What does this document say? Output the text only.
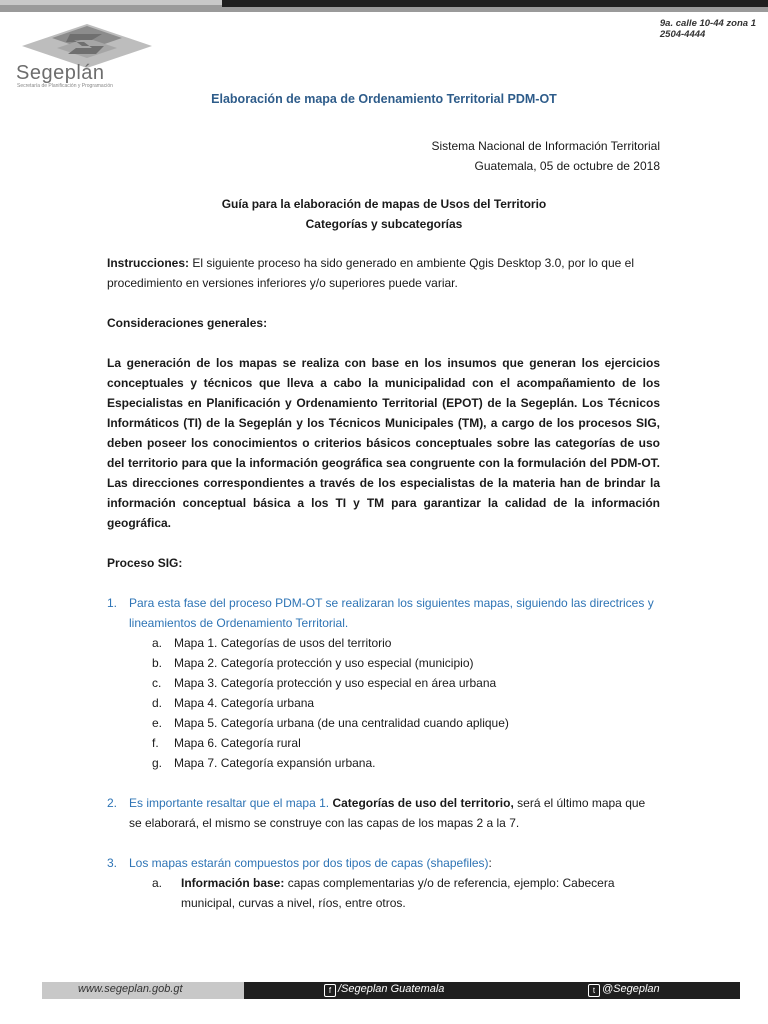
Segeplán
Secretaría de Planificación y Programación
9a. calle 10-44 zona 1
2504-4444
Elaboración de mapa de Ordenamiento Territorial PDM-OT
Sistema Nacional de Información Territorial
Guatemala, 05 de octubre de 2018
Guía para la elaboración de mapas de Usos del Territorio
Categorías y subcategorías
Instrucciones: El siguiente proceso ha sido generado en ambiente Qgis Desktop 3.0, por lo que el procedimiento en versiones inferiores y/o superiores puede variar.
Consideraciones generales:
La generación de los mapas se realiza con base en los insumos que generan los ejercicios conceptuales y técnicos que lleva a cabo la municipalidad con el acompañamiento de los Especialistas en Planificación y Ordenamiento Territorial (EPOT) de la Segeplán. Los Técnicos Informáticos (TI) de la Segeplán y los Técnicos Municipales (TM), a cargo de los procesos SIG, deben poseer los conocimientos o criterios básicos conceptuales sobre las categorías de uso del territorio para que la información geográfica sea congruente con la formulación del PDM-OT. Las direcciones correspondientes a través de los especialistas de la materia han de brindar la información conceptual básica a los TI y TM para garantizar la calidad de la información geográfica.
Proceso SIG:
1. Para esta fase del proceso PDM-OT se realizaran los siguientes mapas, siguiendo las directrices y lineamientos de Ordenamiento Territorial.
a. Mapa 1. Categorías de usos del territorio
b. Mapa 2. Categoría protección y uso especial (municipio)
c. Mapa 3. Categoría protección y uso especial en área urbana
d. Mapa 4. Categoría urbana
e. Mapa 5. Categoría urbana (de una centralidad cuando aplique)
f. Mapa 6. Categoría rural
g. Mapa 7. Categoría expansión urbana.
2. Es importante resaltar que el mapa 1. Categorías de uso del territorio, será el último mapa que se elaborará, el mismo se construye con las capas de los mapas 2 a la 7.
3. Los mapas estarán compuestos por dos tipos de capas (shapefiles):
a. Información base: capas complementarias y/o de referencia, ejemplo: Cabecera municipal, curvas a nivel, ríos, entre otros.
www.segeplan.gob.gt	f /Segeplan Guatemala	t @Segeplan
